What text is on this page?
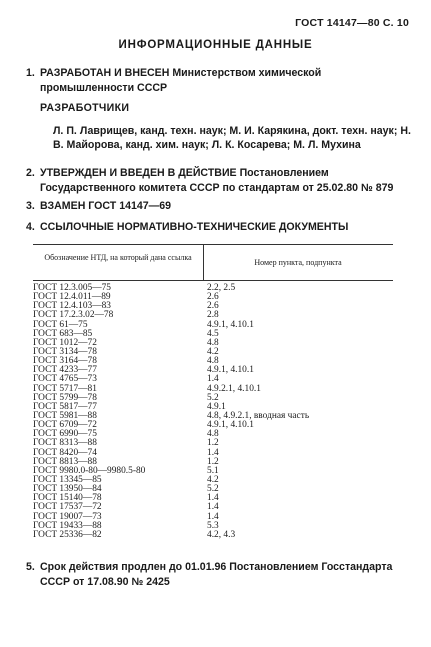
ГОСТ 14147—80 С. 10
ИНФОРМАЦИОННЫЕ ДАННЫЕ
1. РАЗРАБОТАН И ВНЕСЕН Министерством химической промышленности СССР
РАЗРАБОТЧИКИ
Л. П. Лаврищев, канд. техн. наук; М. И. Карякина, докт. техн. наук; Н. В. Майорова, канд. хим. наук; Л. К. Косарева; М. Л. Мухина
2. УТВЕРЖДЕН И ВВЕДЕН В ДЕЙСТВИЕ Постановлением Государственного комитета СССР по стандартам от 25.02.80 № 879
3. ВЗАМЕН ГОСТ 14147—69
4. ССЫЛОЧНЫЕ НОРМАТИВНО-ТЕХНИЧЕСКИЕ ДОКУМЕНТЫ
Обозначение НТД, на который дана ссылка
Номер пункта, подпункта
ГОСТ 12.3.005—75	2.2, 2.5
ГОСТ 12.4.011—89	2.6
ГОСТ 12.4.103—83	2.6
ГОСТ 17.2.3.02—78	2.8
ГОСТ 61—75	4.9.1, 4.10.1
ГОСТ 683—85	4.5
ГОСТ 1012—72	4.8
ГОСТ 3134—78	4.2
ГОСТ 3164—78	4.8
ГОСТ 4233—77	4.9.1, 4.10.1
ГОСТ 4765—73	1.4
ГОСТ 5717—81	4.9.2.1, 4.10.1
ГОСТ 5799—78	5.2
ГОСТ 5817—77	4.9.1
ГОСТ 5981—88	4.8, 4.9.2.1, вводная часть
ГОСТ 6709—72	4.9.1, 4.10.1
ГОСТ 6990—75	4.8
ГОСТ 8313—88	1.2
ГОСТ 8420—74	1.4
ГОСТ 8813—88	1.2
ГОСТ 9980.0-80—9980.5-80	5.1
ГОСТ 13345—85	4.2
ГОСТ 13950—84	5.2
ГОСТ 15140—78	1.4
ГОСТ 17537—72	1.4
ГОСТ 19007—73	1.4
ГОСТ 19433—88	5.3
ГОСТ 25336—82	4.2, 4.3
5. Срок действия продлен до 01.01.96 Постановлением Госстандарта СССР от 17.08.90 № 2425
